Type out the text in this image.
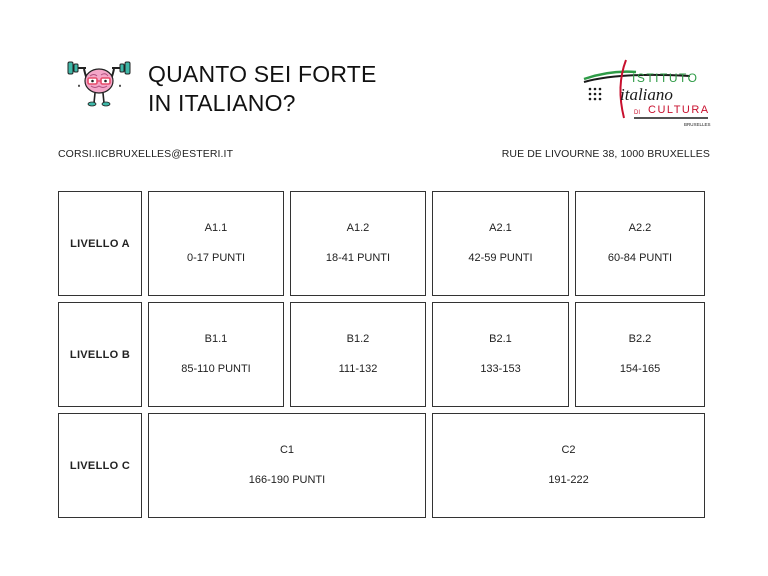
QUANTO SEI FORTE
IN ITALIANO?
ISTITUTO
italiano
DI CULTURA
BRUXELLES
CORSI.IICBRUXELLES@ESTERI.IT	RUE DE LIVOURNE 38, 1000 BRUXELLES
LIVELLO A
A1.1
0-17 PUNTI
A1.2
18-41 PUNTI
A2.1
42-59 PUNTI
A2.2
60-84 PUNTI
LIVELLO B
B1.1
85-110 PUNTI
B1.2
111-132
B2.1
133-153
B2.2
154-165
LIVELLO C
C1
166-190 PUNTI
C2
191-222
